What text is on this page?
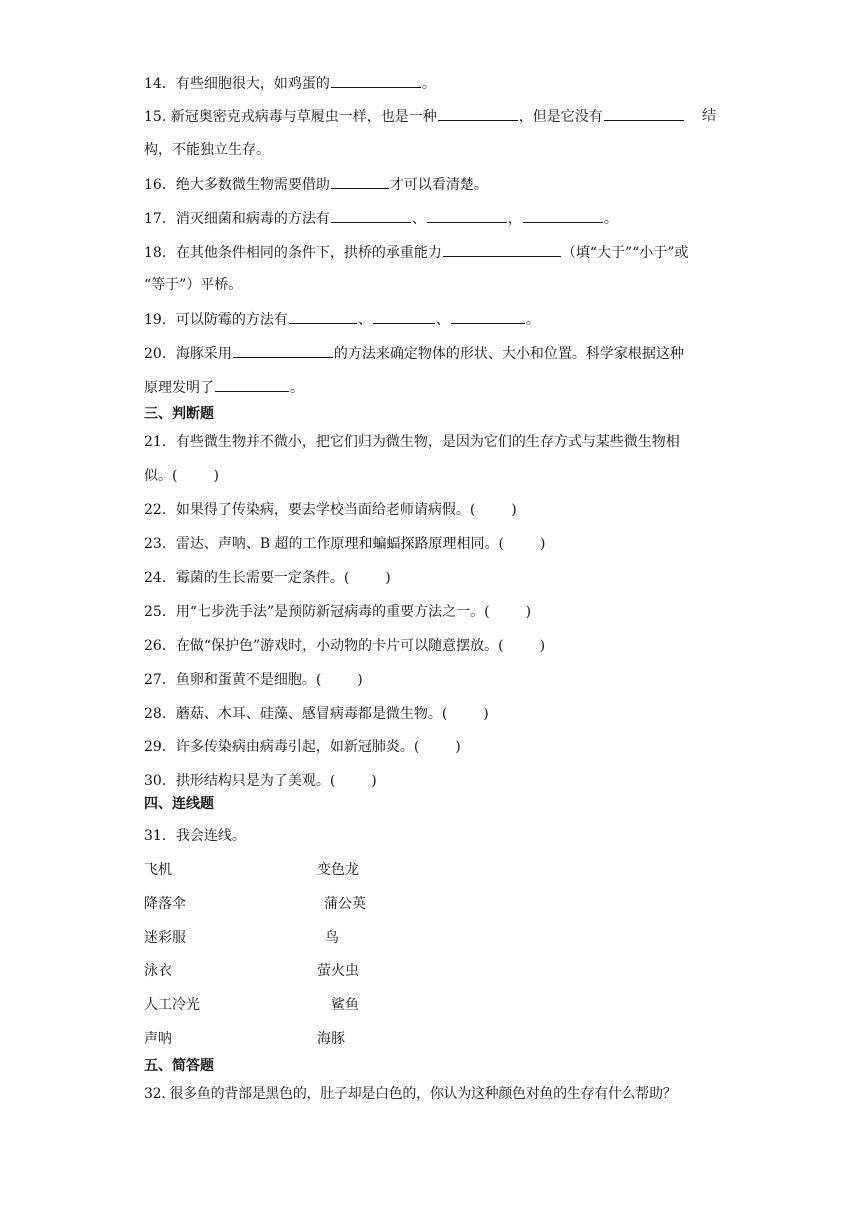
14．有些细胞很大，如鸡蛋的	。
15. 新冠奥密克戎病毒与草履虫一样，也是一种	，但是它没有	结
构，不能独立生存。
16．绝大多数微生物需要借助	才可以看清楚。
17．消灭细菌和病毒的方法有	、	，	。
18．在其他条件相同的条件下，拱桥的承重能力	（填“大于”“小于”或
“等于”）平桥。
19．可以防霉的方法有	、	、	。
20．海豚采用	的方法来确定物体的形状、大小和位置。科学家根据这种
原理发明了	。
三、判断题
21．有些微生物并不微小，把它们归为微生物，是因为它们的生存方式与某些微生物相
似。(	)
22．如果得了传染病，要去学校当面给老师请病假。(	)
23．雷达、声呐、B 超的工作原理和蝙蝠探路原理相同。(	)
24．霉菌的生长需要一定条件。(	)
25．用“七步洗手法”是预防新冠病毒的重要方法之一。(	)
26．在做“保护色”游戏时，小动物的卡片可以随意摆放。(	)
27．鱼卵和蛋黄不是细胞。(	)
28．蘑菇、木耳、硅藻、感冒病毒都是微生物。(	)
29．许多传染病由病毒引起，如新冠肺炎。(	)
30．拱形结构只是为了美观。(	)
四、连线题
31．我会连线。
飞机	变色龙
降落伞	蒲公英
迷彩服	鸟
泳衣	萤火虫
人工冷光	鲨鱼
声呐	海豚
五、简答题
32. 很多鱼的背部是黑色的，肚子却是白色的，你认为这种颜色对鱼的生存有什么帮助？
